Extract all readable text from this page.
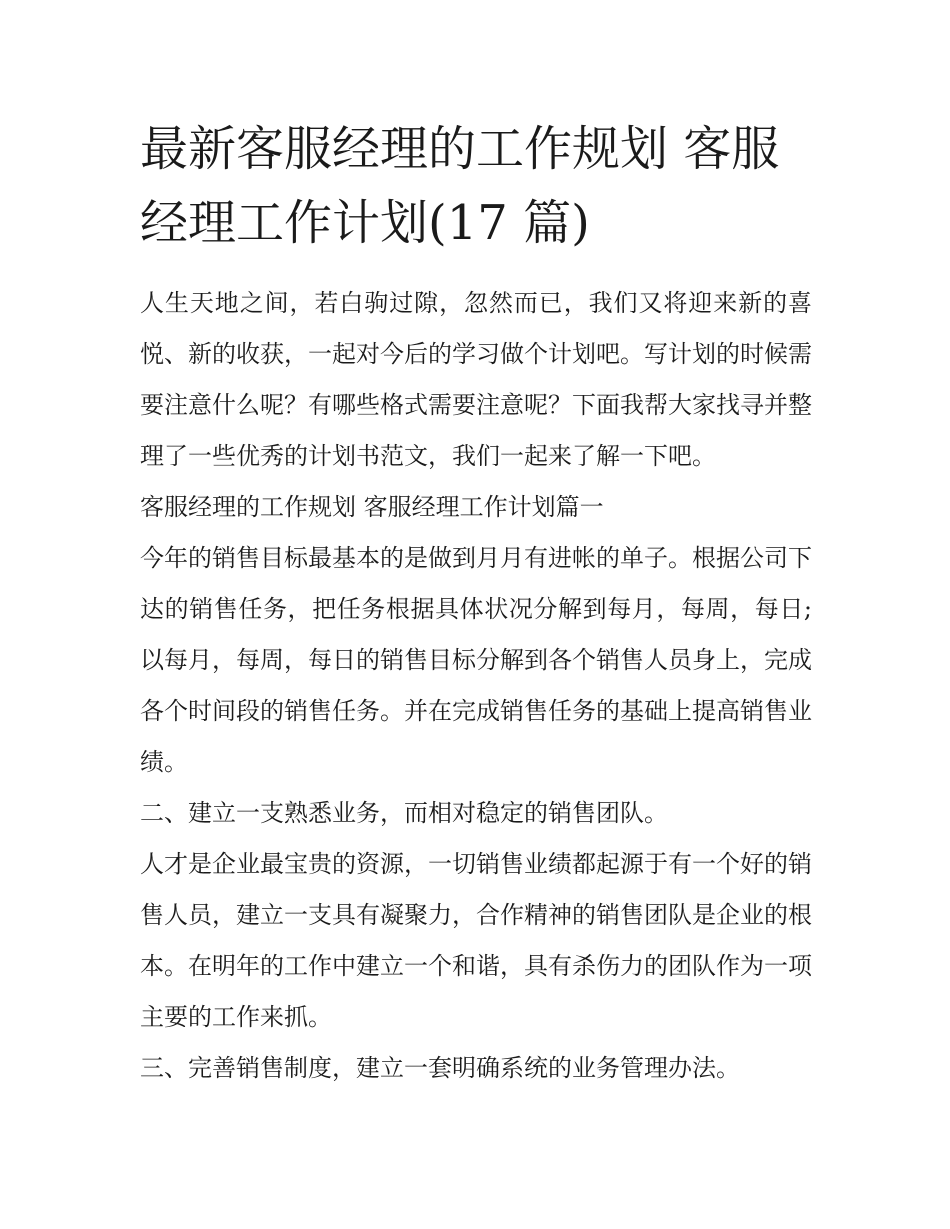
最新客服经理的工作规划 客服经理工作计划(17 篇)

人生天地之间，若白驹过隙，忽然而已，我们又将迎来新的喜悦、新的收获，一起对今后的学习做个计划吧。写计划的时候需要注意什么呢？有哪些格式需要注意呢？下面我帮大家找寻并整理了一些优秀的计划书范文，我们一起来了解一下吧。

客服经理的工作规划 客服经理工作计划篇一

今年的销售目标最基本的是做到月月有进帐的单子。根据公司下达的销售任务，把任务根据具体状况分解到每月，每周，每日;以每月，每周，每日的销售目标分解到各个销售人员身上，完成各个时间段的销售任务。并在完成销售任务的基础上提高销售业绩。

二、建立一支熟悉业务，而相对稳定的销售团队。

人才是企业最宝贵的资源，一切销售业绩都起源于有一个好的销售人员，建立一支具有凝聚力，合作精神的销售团队是企业的根本。在明年的工作中建立一个和谐，具有杀伤力的团队作为一项主要的工作来抓。

三、完善销售制度，建立一套明确系统的业务管理办法。
